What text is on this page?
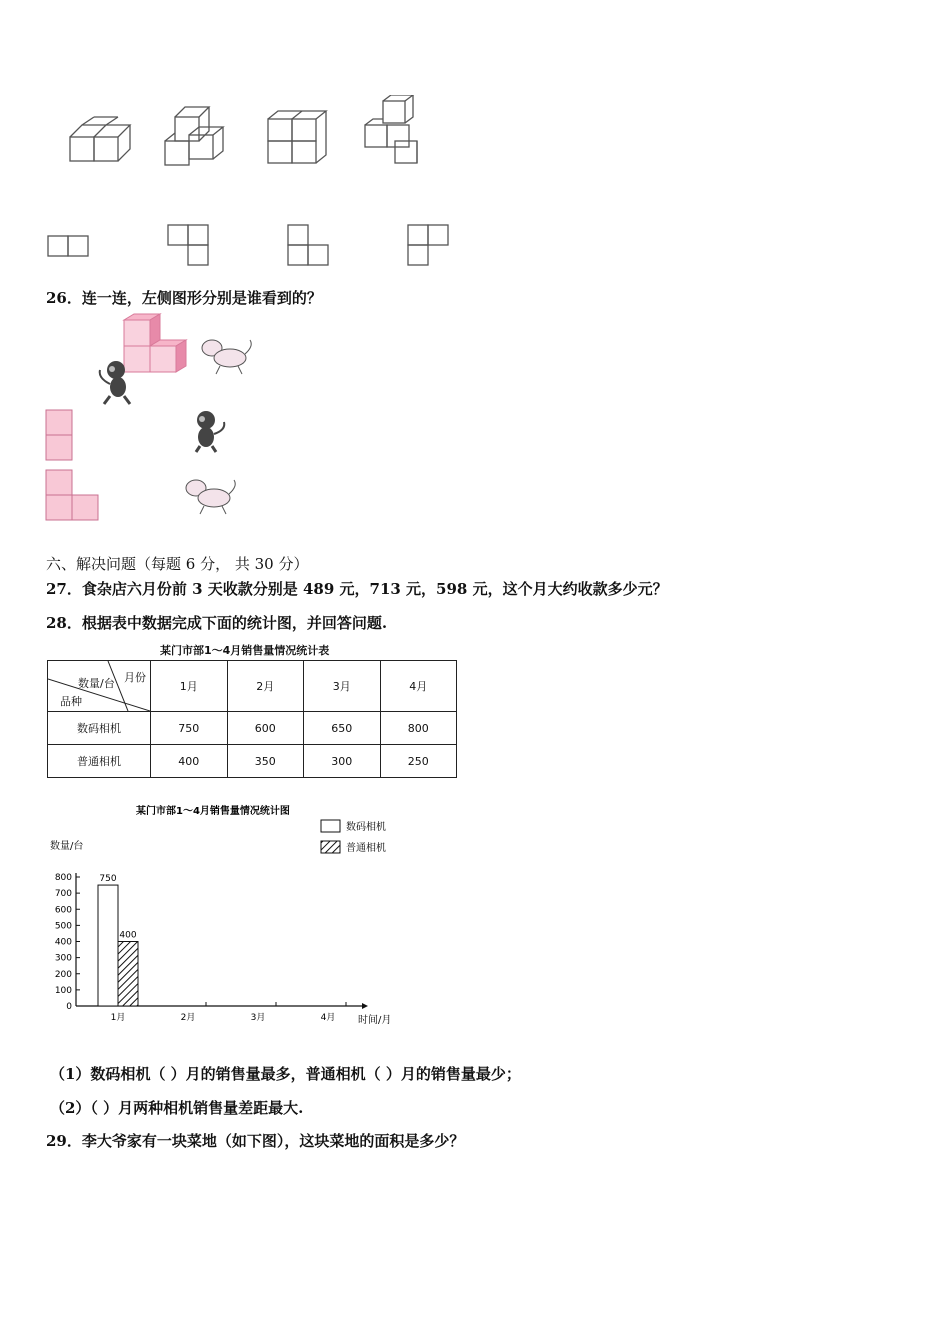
26．连一连，左侧图形分别是谁看到的？
六、解决问题（每题 6 分， 共 30 分）
27．食杂店六月份前 3 天收款分别是 489 元，713 元，598 元，这个月大约收款多少元？
28．根据表中数据完成下面的统计图，并回答问题.
某门市部1～4月销售量情况统计表
月份
数量/台
品种	1月	2月	3月	4月
数码相机	750	600	650	800
普通相机	400	350	300	250
某门市部1～4月销售量情况统计图
数量/台
时间/月
数码相机
普通相机
0
100
200
300
400
500
600
700
800
1月	2月	3月	4月
750
400
（1）数码相机（ ）月的销售量最多，普通相机（ ）月的销售量最少；
（2）（ ）月两种相机销售量差距最大.
29．李大爷家有一块菜地（如下图），这块菜地的面积是多少？
